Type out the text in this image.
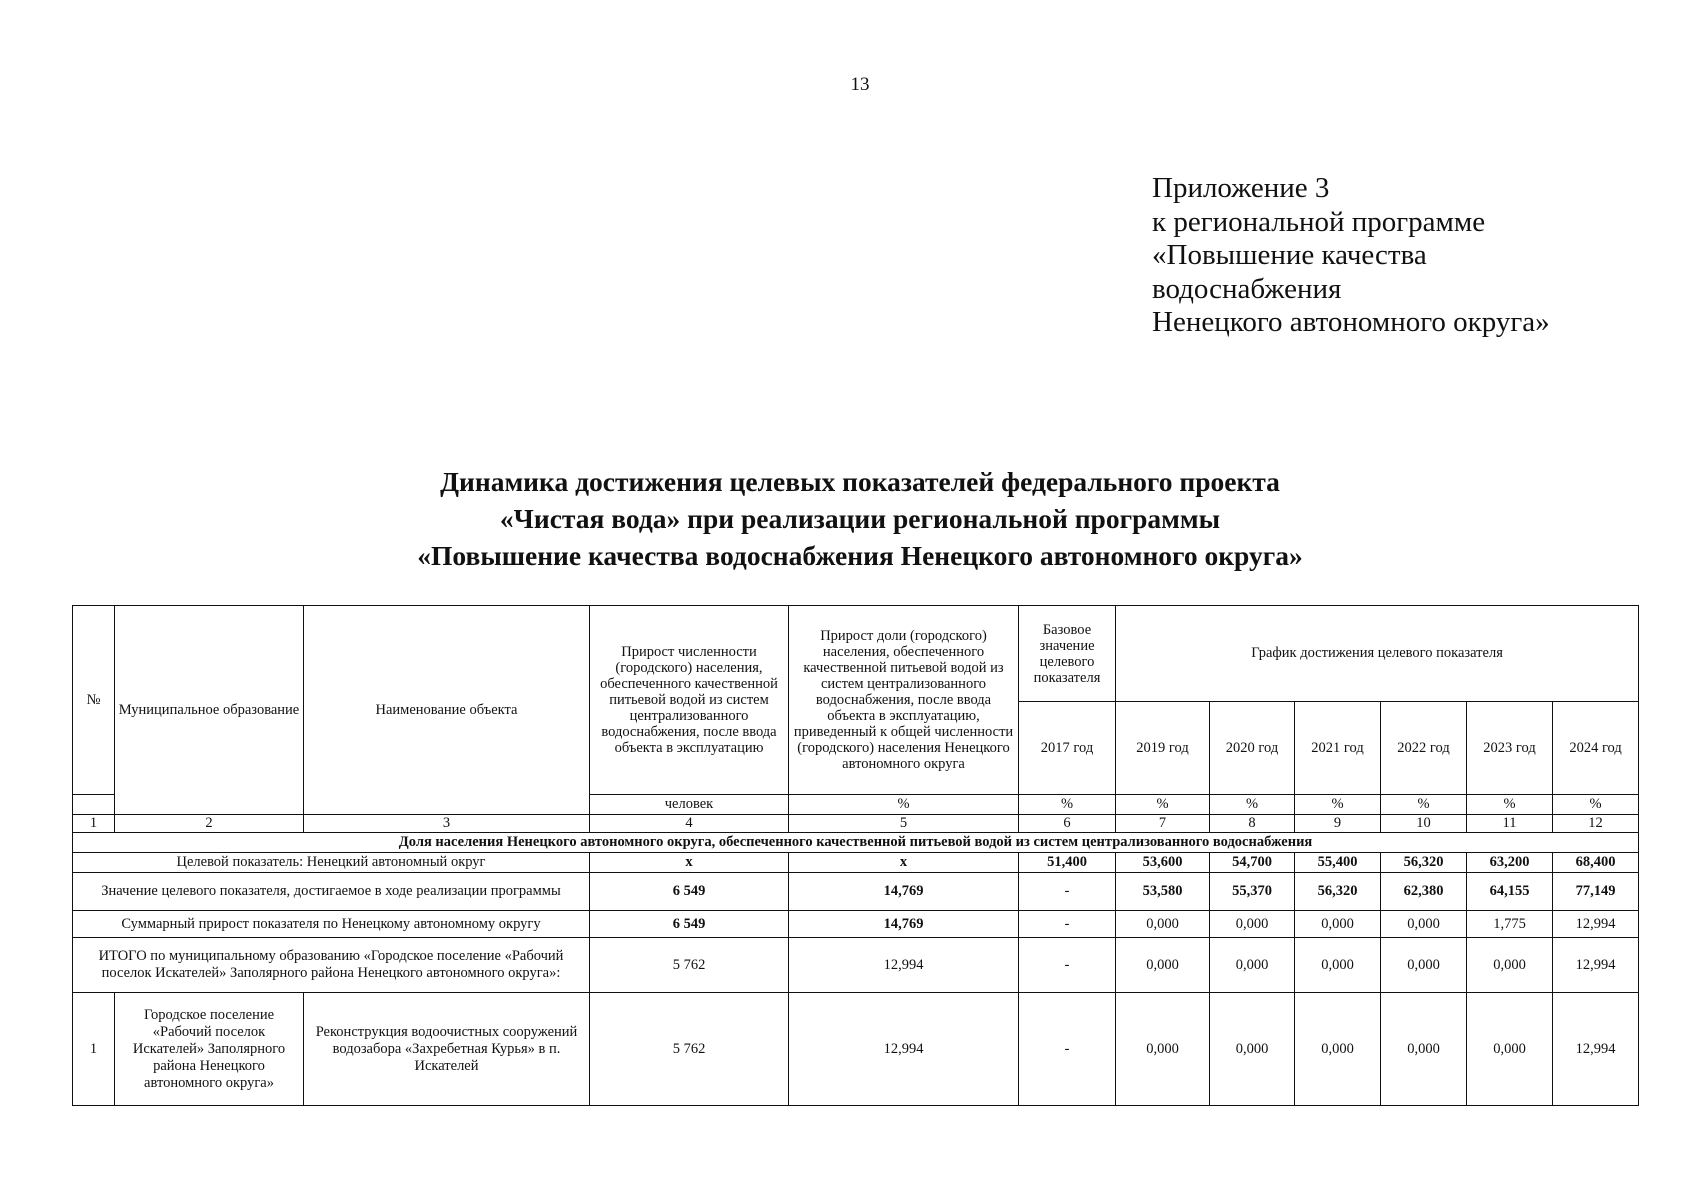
13
Приложение 3
к региональной программе
«Повышение качества
водоснабжения
Ненецкого автономного округа»
Динамика достижения целевых показателей федерального проекта
«Чистая вода» при реализации региональной программы
«Повышение качества водоснабжения Ненецкого автономного округа»
№	Муниципальное образование	Наименование объекта	Прирост численности (городского) населения, обеспеченного качественной питьевой водой из систем централизованного водоснабжения, после ввода объекта в эксплуатацию	Прирост доли (городского) населения, обеспеченного качественной питьевой водой из систем централизованного водоснабжения, после ввода объекта в эксплуатацию, приведенный к общей численности (городского) населения Ненецкого автономного округа	Базовое значение целевого показателя	График достижения целевого показателя					
					2017 год	2019 год	2020 год	2021 год	2022 год	2023 год	2024 год
			человек	%	%	%	%	%	%	%	%
1	2	3	4	5	6	7	8	9	10	11	12
Доля населения Ненецкого автономного округа, обеспеченного качественной питьевой водой из систем централизованного водоснабжения											
Целевой показатель: Ненецкий автономный округ			х	х	51,400	53,600	54,700	55,400	56,320	63,200	68,400
Значение целевого показателя, достигаемое в ходе реализации программы			6 549	14,769	-	53,580	55,370	56,320	62,380	64,155	77,149
Суммарный прирост показателя по Ненецкому автономному округу			6 549	14,769	-	0,000	0,000	0,000	0,000	1,775	12,994
ИТОГО по муниципальному образованию «Городское поселение «Рабочий поселок Искателей» Заполярного района Ненецкого автономного округа»:			5 762	12,994	-	0,000	0,000	0,000	0,000	0,000	12,994
1	Городское поселение «Рабочий поселок Искателей» Заполярного района Ненецкого автономного округа»	Реконструкция водоочистных сооружений водозабора «Захребетная Курья» в п. Искателей	5 762	12,994	-	0,000	0,000	0,000	0,000	0,000	12,994
